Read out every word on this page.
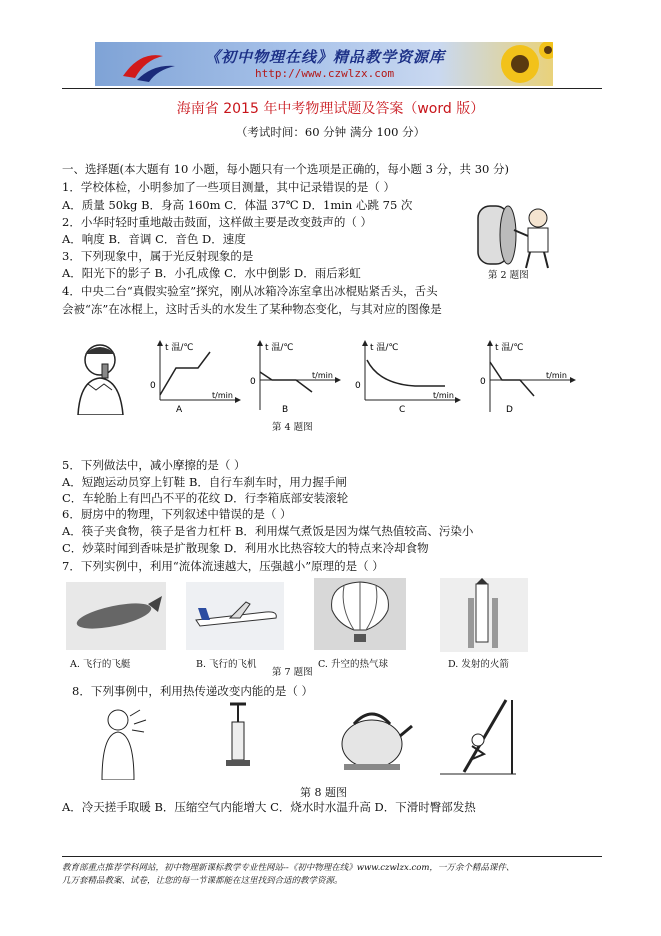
《初中物理在线》精品教学资源库
http://www.czwlzx.com
海南省 2015 年中考物理试题及答案（word 版）
（考试时间：60 分钟 满分 100 分）
一、选择题(本大题有 10 小题，每小题只有一个选项是正确的，每小题 3 分，共 30 分)
1．学校体检，小明参加了一些项目测量，其中记录错误的是（ ）
A．质量 50kg B．身高 160m C．体温 37℃ D．1min 心跳 75 次
2．小华时轻时重地敲击鼓面，这样做主要是改变鼓声的（ ）
A．响度 B．音调 C．音色 D．速度
3．下列现象中，属于光反射现象的是
A．阳光下的影子 B．小孔成像 C．水中倒影 D．雨后彩虹
4．中央二台“真假实验室”探究，刚从冰箱冷冻室拿出冰棍贴紧舌头，舌头
会被“冻”在冰棍上，这时舌头的水发生了某种物态变化，与其对应的图像是
第 2 题图
t 温/℃
t/min
0
A
t 温/℃
t/min
0
B
t 温/℃
t/min
0
C
t 温/℃
t/min
0
D
第 4 题图
5．下列做法中，减小摩擦的是（ ）
A．短跑运动员穿上钉鞋 B．自行车刹车时，用力握手闸
C．车轮胎上有凹凸不平的花纹 D．行李箱底部安装滚轮
6．厨房中的物理，下列叙述中错误的是（ ）
A．筷子夹食物，筷子是省力杠杆 B．利用煤气煮饭是因为煤气热值较高、污染小
C．炒菜时闻到香味是扩散现象 D．利用水比热容较大的特点来冷却食物
7．下列实例中，利用“流体流速越大，压强越小”原理的是（ ）
A. 飞行的飞艇	B. 飞行的飞机
第 7 题图
C. 升空的热气球	D. 发射的火箭
8．下列事例中，利用热传递改变内能的是（ ）
第 8 题图
A．冷天搓手取暖 B．压缩空气内能增大 C．烧水时水温升高 D．下滑时臀部发热
教育部重点推荐学科网站，初中物理新课标教学专业性网站--《初中物理在线》www.czwlzx.com，一万余个精品课件、
几万套精品教案、试卷，让您的每一节课都能在这里找到合适的教学资源。
